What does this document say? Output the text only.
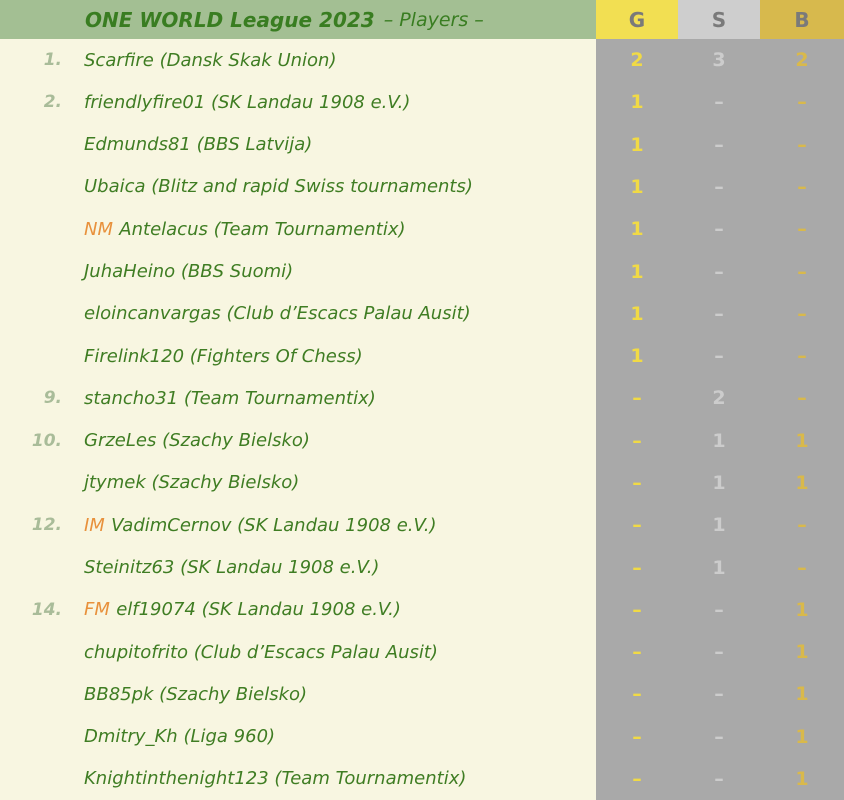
ONE WORLD League 2023 – Players –	G	S	B
1. Scarfire (Dansk Skak Union)	2	3	2
2. friendlyfire01 (SK Landau 1908 e.V.)	1	–	–
Edmunds81 (BBS Latvija)	1	–	–
Ubaica (Blitz and rapid Swiss tournaments)	1	–	–
NM Antelacus (Team Tournamentix)	1	–	–
JuhaHeino (BBS Suomi)	1	–	–
eloincanvargas (Club d’Escacs Palau Ausit)	1	–	–
Firelink120 (Fighters Of Chess)	1	–	–
9. stancho31 (Team Tournamentix)	–	2	–
10. GrzeLes (Szachy Bielsko)	–	1	1
jtymek (Szachy Bielsko)	–	1	1
12. IM VadimCernov (SK Landau 1908 e.V.)	–	1	–
Steinitz63 (SK Landau 1908 e.V.)	–	1	–
14. FM elf19074 (SK Landau 1908 e.V.)	–	–	1
chupitofrito (Club d’Escacs Palau Ausit)	–	–	1
BB85pk (Szachy Bielsko)	–	–	1
Dmitry_Kh (Liga 960)	–	–	1
Knightinthenight123 (Team Tournamentix)	–	–	1
